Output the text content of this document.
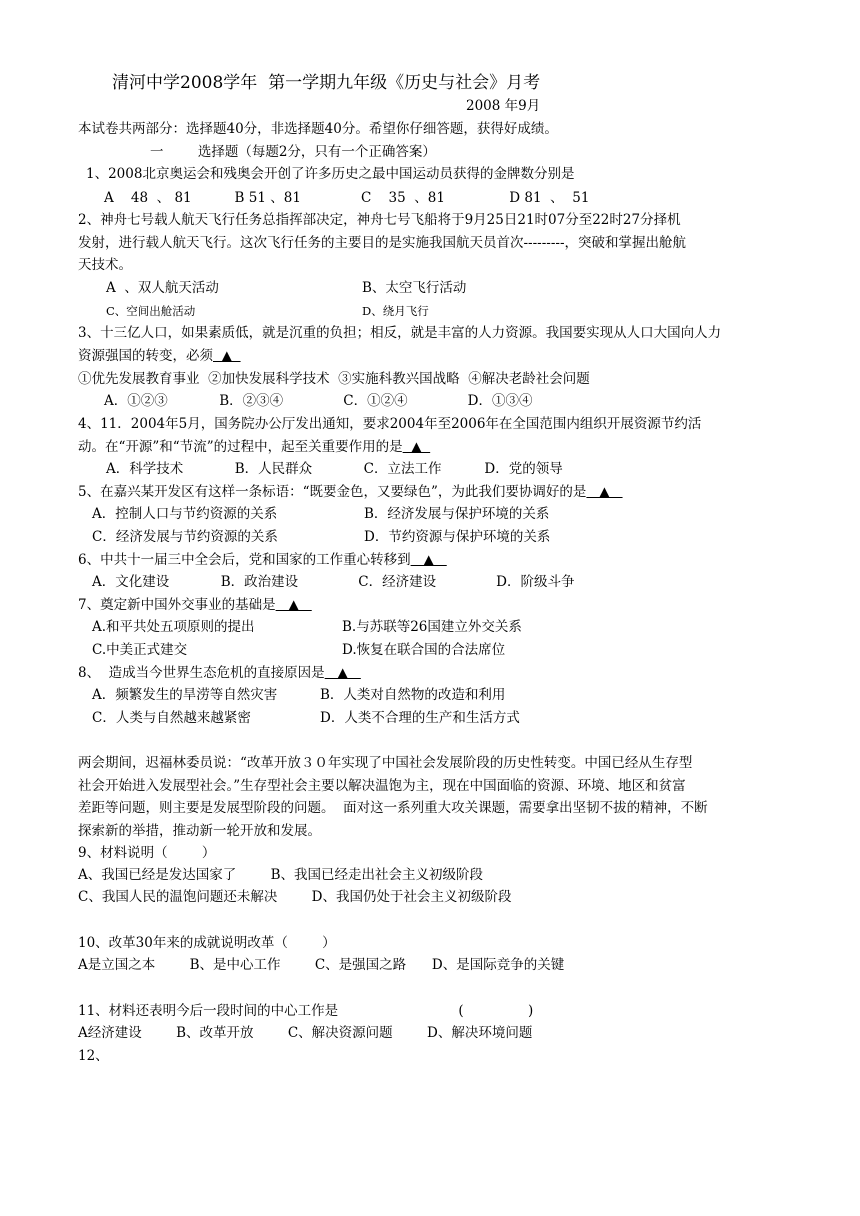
清河中学2008学年  第一学期九年级《历史与社会》月考
2008 年9月
本试卷共两部分：选择题40分，非选择题40分。希望你仔细答题，获得好成绩。
一        选择题（每题2分，只有一个正确答案）
1、2008北京奥运会和残奥会开创了许多历史之最中国运动员获得的金牌数分别是
A    48  、 81          B 51 、81              C    35  、81               D 81  、  51
2、神舟七号载人航天飞行任务总指挥部决定，神舟七号飞船将于9月25日21时07分至22时27分择机
发射，进行载人航天飞行。这次飞行任务的主要目的是实施我国航天员首次---------，突破和掌握出舱航
天技术。
A  、双人航天活动	B、太空飞行活动
C、空间出舱活动	D、绕月飞行
3、十三亿人口，如果素质低，就是沉重的负担；相反，就是丰富的人力资源。我国要实现从人口大国向人力
资源强国的转变，必须  ▲
①优先发展教育事业  ②加快发展科学技术  ③实施科教兴国战略  ④解决老龄社会问题
A．①②③            B．②③④              C．①②④              D．①③④
4、11．2004年5月，国务院办公厅发出通知，要求2004年至2006年在全国范围内组织开展资源节约活
动。在“开源”和“节流”的过程中，起至关重要作用的是  ▲
A．科学技术            B．人民群众            C．立法工作          D．党的领导
5、在嘉兴某开发区有这样一条标语：“既要金色，又要绿色”，为此我们要协调好的是   ▲
A．控制人口与节约资源的关系	B．经济发展与保护环境的关系
C．经济发展与节约资源的关系	D．节约资源与保护环境的关系
6、中共十一届三中全会后，党和国家的工作重心转移到   ▲
A．文化建设            B．政治建设              C．经济建设              D．阶级斗争
7、奠定新中国外交事业的基础是   ▲
A.和平共处五项原则的提出	B.与苏联等26国建立外交关系
C.中美正式建交	D.恢复在联合国的合法席位
8、  造成当今世界生态危机的直接原因是   ▲
A．频繁发生的旱涝等自然灾害	B．人类对自然物的改造和利用
C．人类与自然越来越紧密	D．人类不合理的生产和生活方式
两会期间，迟福林委员说：“改革开放３０年实现了中国社会发展阶段的历史性转变。中国已经从生存型
社会开始进入发展型社会。”生存型社会主要以解决温饱为主，现在中国面临的资源、环境、地区和贫富
差距等问题，则主要是发展型阶段的问题。  面对这一系列重大攻关课题，需要拿出坚韧不拔的精神，不断
探索新的举措，推动新一轮开放和发展。
9、材料说明（        ）
A、我国已经是发达国家了        B、我国已经走出社会主义初级阶段
C、我国人民的温饱问题还未解决        D、我国仍处于社会主义初级阶段
10、改革30年来的成就说明改革（        ）
A是立国之本        B、是中心工作        C、是强国之路      D、是国际竞争的关键
11、材料还表明今后一段时间的中心工作是                            (               )
A经济建设        B、改革开放        C、解决资源问题        D、解决环境问题
12、
